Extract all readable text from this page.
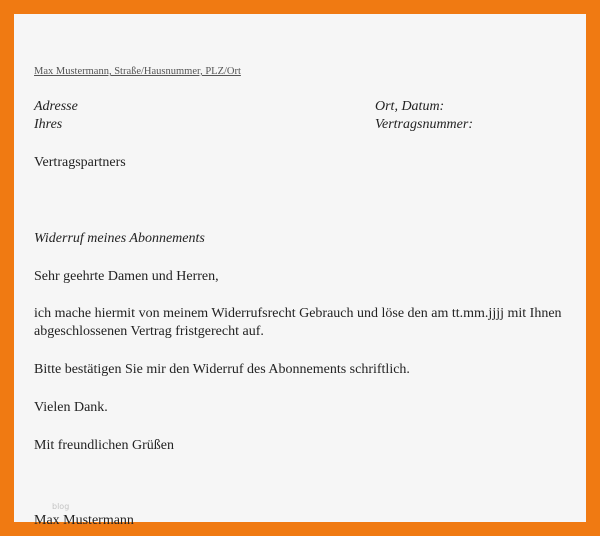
Max Mustermann, Straße/Hausnummer, PLZ/Ort
Adresse
Ihres
Ort, Datum:
Vertragsnummer:
Vertragspartners
Widerruf meines Abonnements
Sehr geehrte Damen und Herren,
ich mache hiermit von meinem Widerrufsrecht Gebrauch und löse den am tt.mm.jjjj mit Ihnen
abgeschlossenen Vertrag fristgerecht auf.
Bitte bestätigen Sie mir den Widerruf des Abonnements schriftlich.
Vielen Dank.
Mit freundlichen Grüßen
blog
Max Mustermann
